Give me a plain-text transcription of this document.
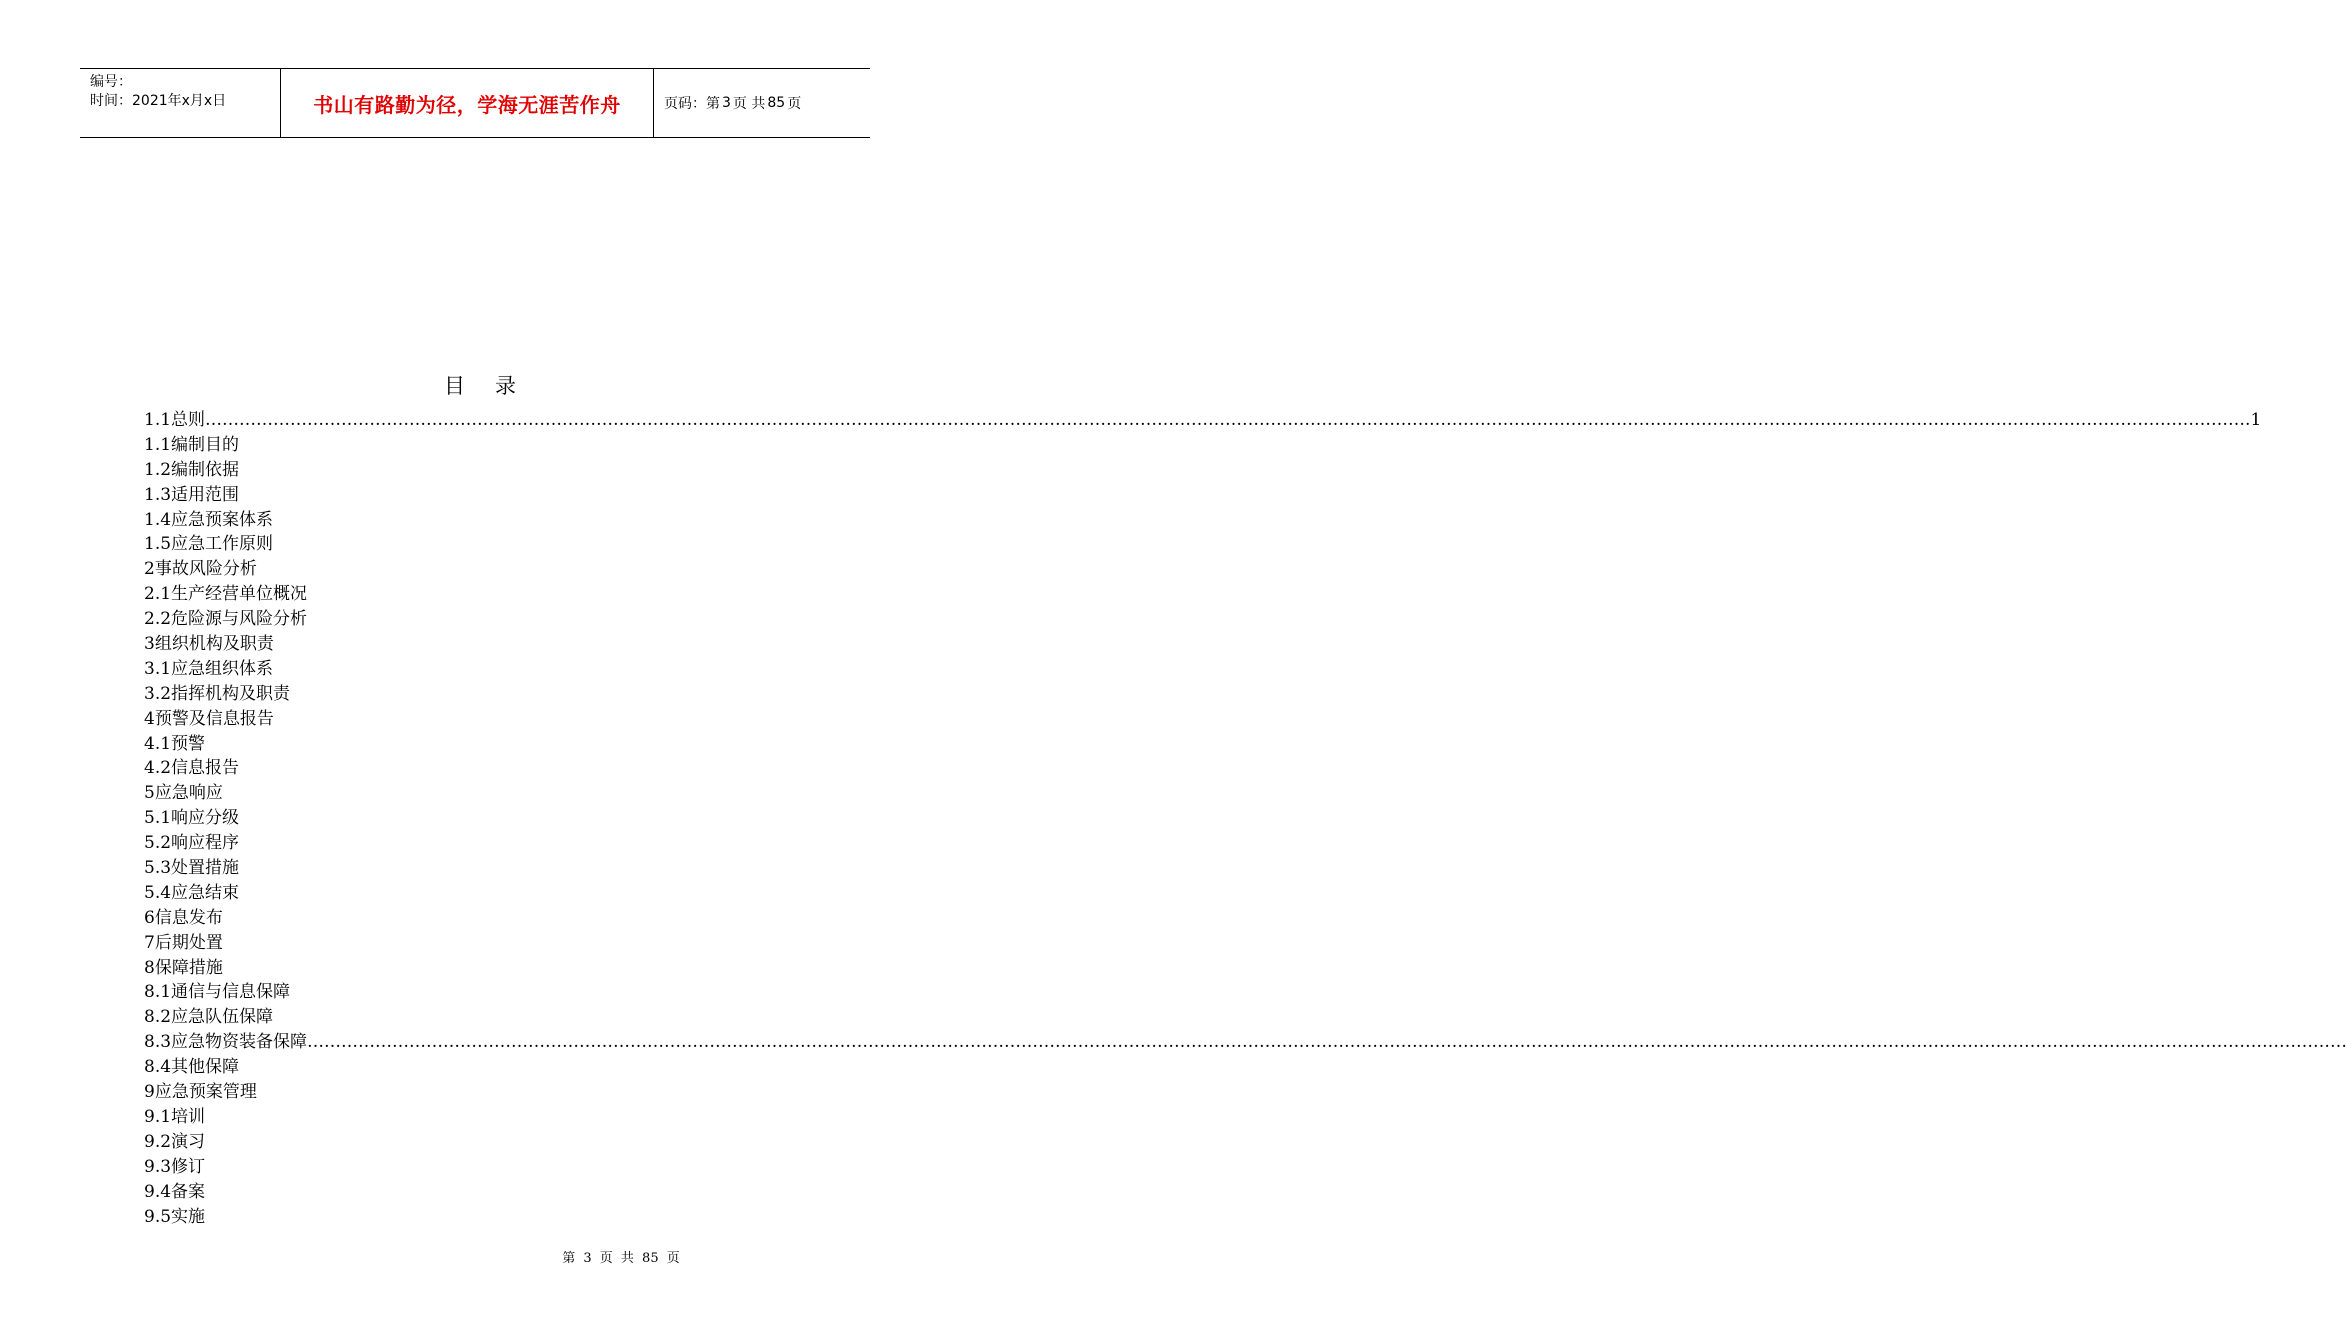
编号：
时间：2021年x月x日	书山有路勤为径，学海无涯苦作舟	页码：第 3 页 共 85 页
目录
1.1总则 ……………………………………………………………………………………………………………………………………………………………………………………………………………………………………………………………………………………………………………………………… .1
1.1编制目的
1.2编制依据
1.3适用范围
1.4应急预案体系
1.5应急工作原则
2事故风险分析
2.1生产经营单位概况
2.2危险源与风险分析
3组织机构及职责
3.1应急组织体系
3.2指挥机构及职责
4预警及信息报告
4.1预警
4.2信息报告
5应急响应
5.1响应分级
5.2响应程序
5.3处置措施
5.4应急结束
6信息发布
7后期处置
8保障措施
8.1通信与信息保障
8.2应急队伍保障
8.3应急物资装备保障 ………………………………………………………………………………………………………………………………………………………………………………………………………………………………………………………………………………………………………………………………
8.4其他保障
9应急预案管理
9.1培训
9.2演习
9.3修订
9.4备案
9.5实施
第 3 页 共 85 页
